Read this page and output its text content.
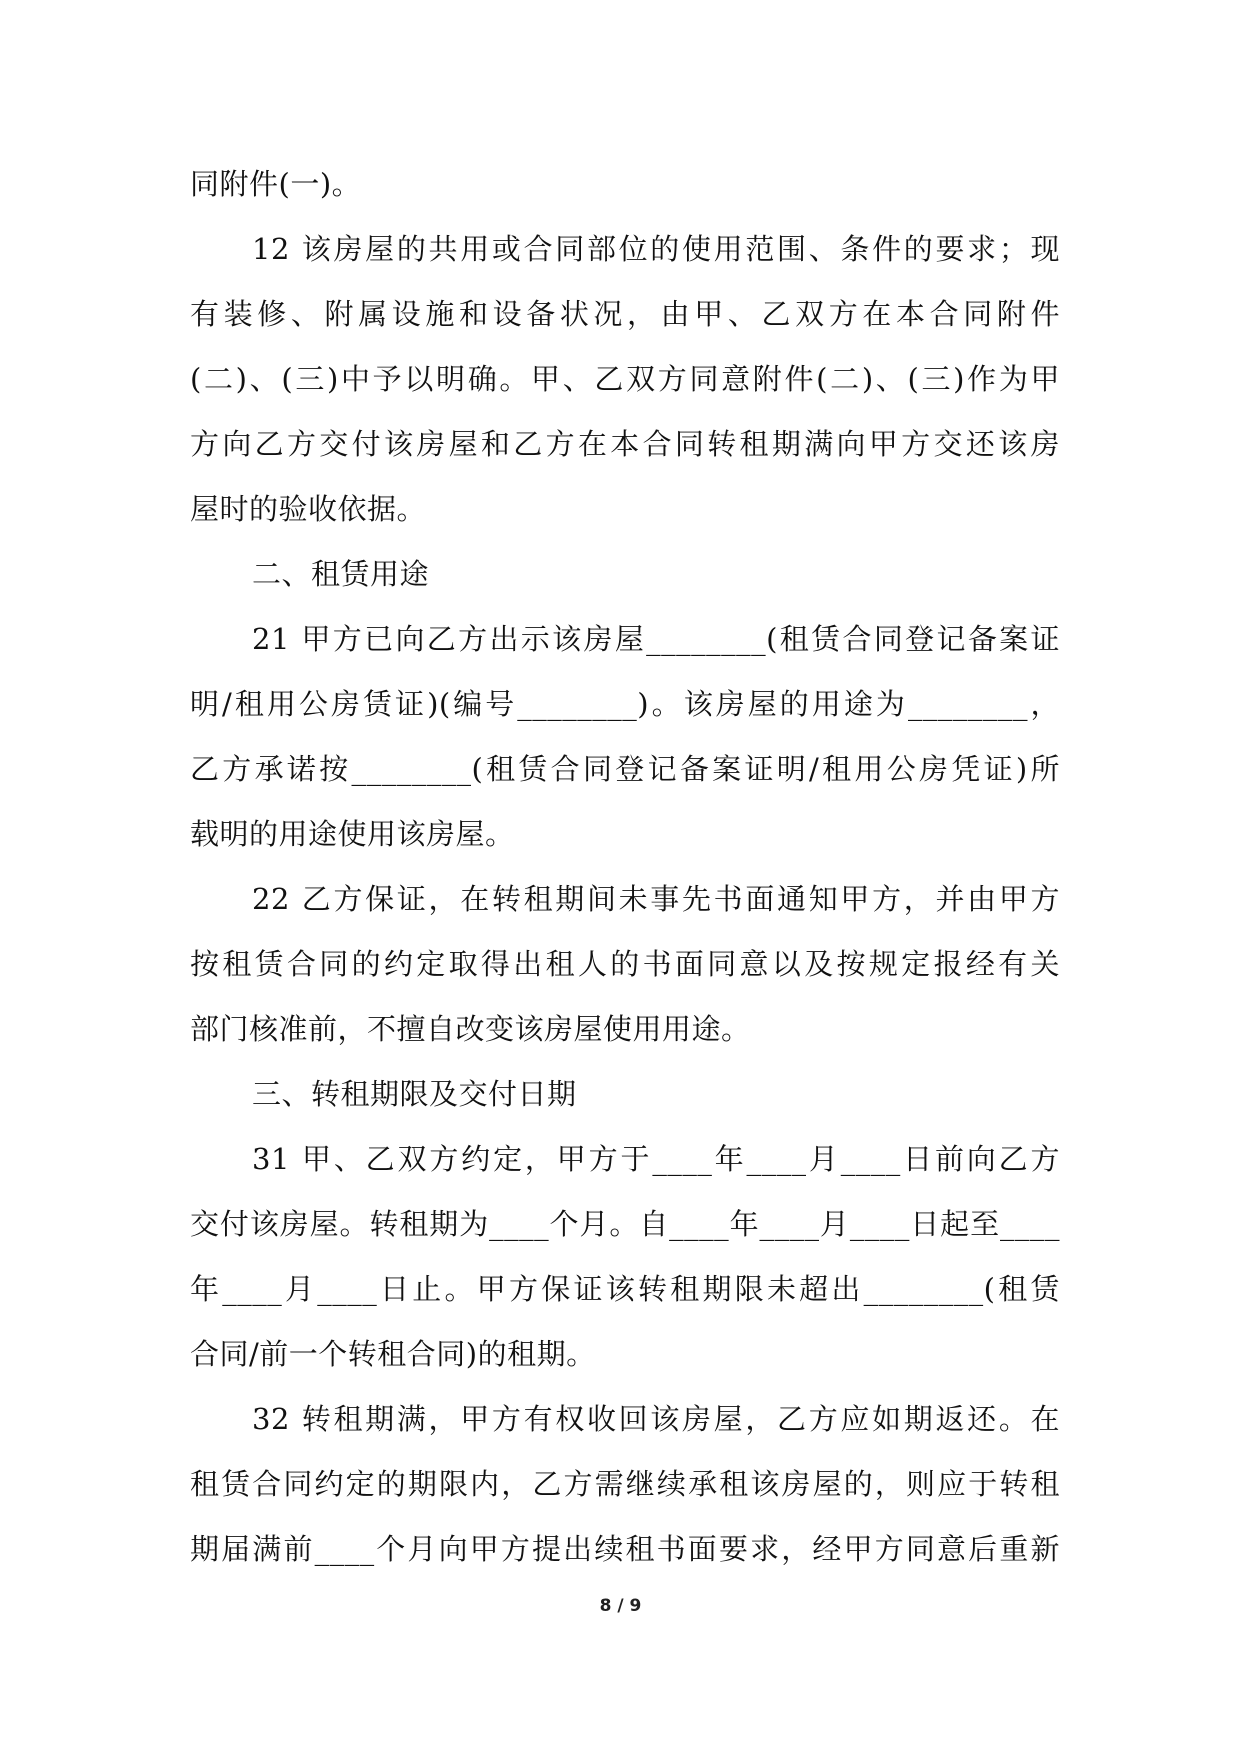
同附件(一)。
12 该房屋的共用或合同部位的使用范围、条件的要求；现
有装修、附属设施和设备状况，由甲、乙双方在本合同附件
(二)、(三)中予以明确。甲、乙双方同意附件(二)、(三)作为甲
方向乙方交付该房屋和乙方在本合同转租期满向甲方交还该房
屋时的验收依据。
二、租赁用途
21 甲方已向乙方出示该房屋________(租赁合同登记备案证
明/租用公房赁证)(编号________)。该房屋的用途为________，
乙方承诺按________(租赁合同登记备案证明/租用公房凭证)所
载明的用途使用该房屋。
22 乙方保证，在转租期间未事先书面通知甲方，并由甲方
按租赁合同的约定取得出租人的书面同意以及按规定报经有关
部门核准前，不擅自改变该房屋使用用途。
三、转租期限及交付日期
31 甲、乙双方约定，甲方于____年____月____日前向乙方
交付该房屋。转租期为____个月。自____年____月____日起至____
年____月____日止。甲方保证该转租期限未超出________(租赁
合同/前一个转租合同)的租期。
32 转租期满，甲方有权收回该房屋，乙方应如期返还。在
租赁合同约定的期限内，乙方需继续承租该房屋的，则应于转租
期届满前____个月向甲方提出续租书面要求，经甲方同意后重新
8 / 9
